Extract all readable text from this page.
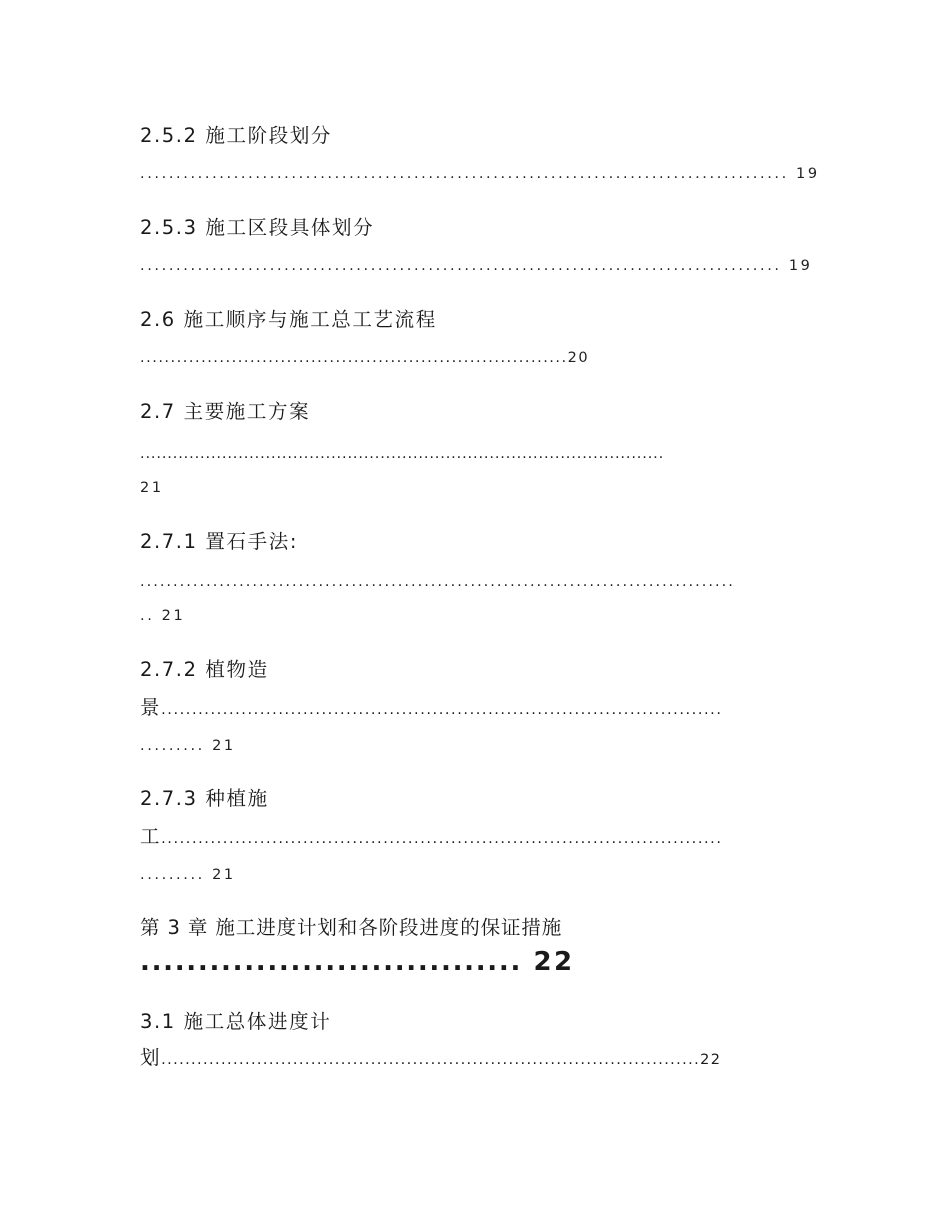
2.5.2 施工阶段划分
.......................................................................................... 19
2.5.3 施工区段具体划分
......................................................................................... 19
2.6 施工顺序与施工总工艺流程
......................................................................20
2.7 主要施工方案
................................................................................................
21
2.7.1 置石手法:
..........................................................................................
.. 21
2.7.2 植物造
景...........................................................................................
......... 21
2.7.3 种植施
工...........................................................................................
......... 21
第 3 章 施工进度计划和各阶段进度的保证措施
................................. 22
3.1 施工总体进度计
划..........................................................................................22
